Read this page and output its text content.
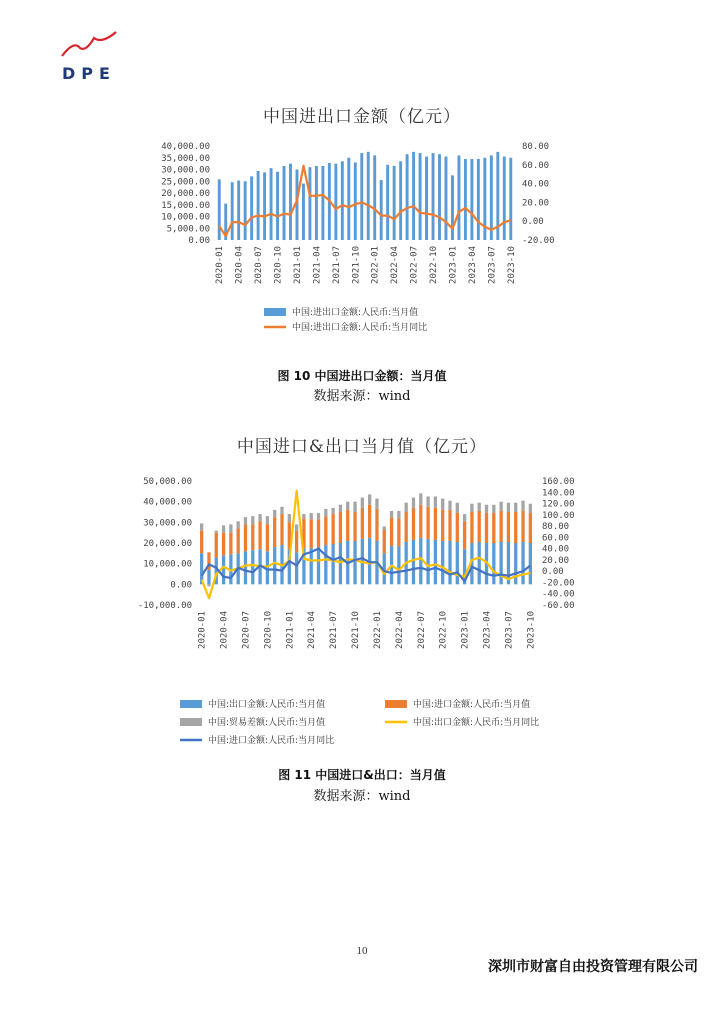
DPE
中国进出口金额（亿元）
0.00
5,000.00
10,000.00
15,000.00
20,000.00
25,000.00
30,000.00
35,000.00
40,000.00
-20.00
0.00
20.00
40.00
60.00
80.00
2020-01 2020-04 2020-07 2020-10 2021-01 2021-04 2021-07 2021-10 2022-01 2022-04 2022-07 2022-10 2023-01 2023-04 2023-07 2023-10
中国:进出口金额:人民币:当月值
中国:进出口金额:人民币:当月同比
图 10 中国进出口金额：当月值
数据来源：wind
中国进口&出口当月值（亿元）
-10,000.00
0.00
10,000.00
20,000.00
30,000.00
40,000.00
50,000.00
-60.00
-40.00
-20.00
0.00
20.00
40.00
60.00
80.00
100.00
120.00
140.00
160.00
2020-01 2020-04 2020-07 2020-10 2021-01 2021-04 2021-07 2021-10 2022-01 2022-04 2022-07 2022-10 2023-01 2023-04 2023-07 2023-10
中国:出口金额:人民币:当月值	中国:进口金额:人民币:当月值
中国:贸易差额:人民币:当月值	中国:出口金额:人民币:当月同比
中国:进口金额:人民币:当月同比
图 11 中国进口&出口：当月值
数据来源：wind
10
深圳市财富自由投资管理有限公司
